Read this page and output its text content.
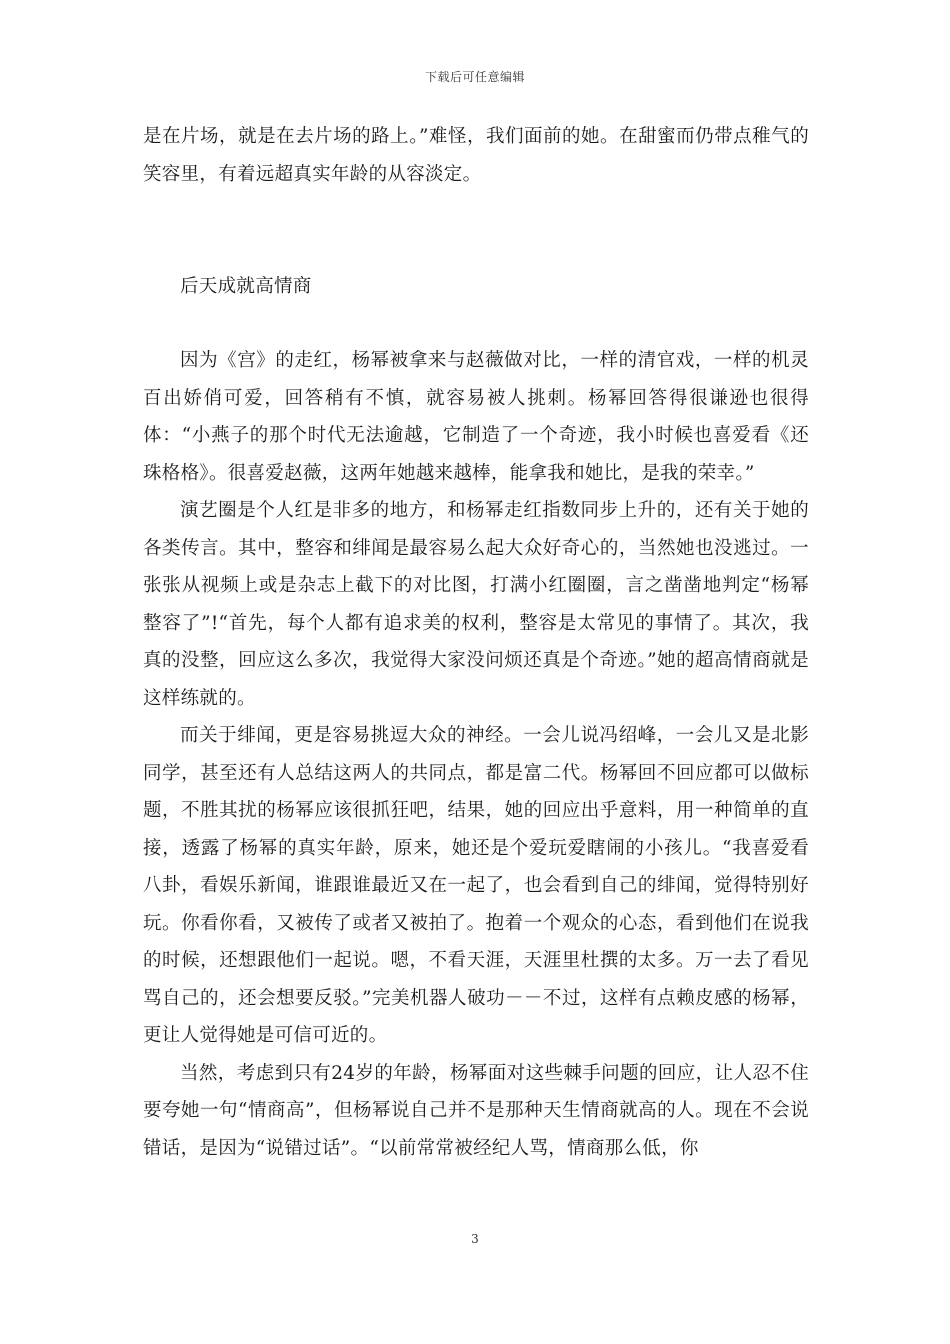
下载后可任意编辑

是在片场，就是在去片场的路上。”难怪，我们面前的她。在甜蜜而仍带点稚气的笑容里，有着远超真实年龄的从容淡定。

后天成就高情商

因为《宫》的走红，杨幂被拿来与赵薇做对比，一样的清官戏，一样的机灵百出娇俏可爱，回答稍有不慎，就容易被人挑刺。杨幂回答得很谦逊也很得体：“小燕子的那个时代无法逾越，它制造了一个奇迹，我小时候也喜爱看《还珠格格》。很喜爱赵薇，这两年她越来越棒，能拿我和她比，是我的荣幸。”

演艺圈是个人红是非多的地方，和杨幂走红指数同步上升的，还有关于她的各类传言。其中，整容和绯闻是最容易么起大众好奇心的，当然她也没逃过。一张张从视频上或是杂志上截下的对比图，打满小红圈圈，言之凿凿地判定“杨幂整容了”!“首先，每个人都有追求美的权利，整容是太常见的事情了。其次，我真的没整，回应这么多次，我觉得大家没问烦还真是个奇迹。”她的超高情商就是这样练就的。

而关于绯闻，更是容易挑逗大众的神经。一会儿说冯绍峰，一会儿又是北影同学，甚至还有人总结这两人的共同点，都是富二代。杨幂回不回应都可以做标题，不胜其扰的杨幂应该很抓狂吧，结果，她的回应出乎意料，用一种简单的直接，透露了杨幂的真实年龄，原来，她还是个爱玩爱瞎闹的小孩儿。“我喜爱看八卦，看娱乐新闻，谁跟谁最近又在一起了，也会看到自己的绯闻，觉得特别好玩。你看你看，又被传了或者又被拍了。抱着一个观众的心态，看到他们在说我的时候，还想跟他们一起说。嗯，不看天涯，天涯里杜撰的太多。万一去了看见骂自己的，还会想要反驳。”完美机器人破功－－不过，这样有点赖皮感的杨幂，更让人觉得她是可信可近的。

当然，考虑到只有24岁的年龄，杨幂面对这些棘手问题的回应，让人忍不住要夸她一句“情商高”，但杨幂说自己并不是那种天生情商就高的人。现在不会说错话，是因为“说错过话”。“以前常常被经纪人骂，情商那么低，你

3
